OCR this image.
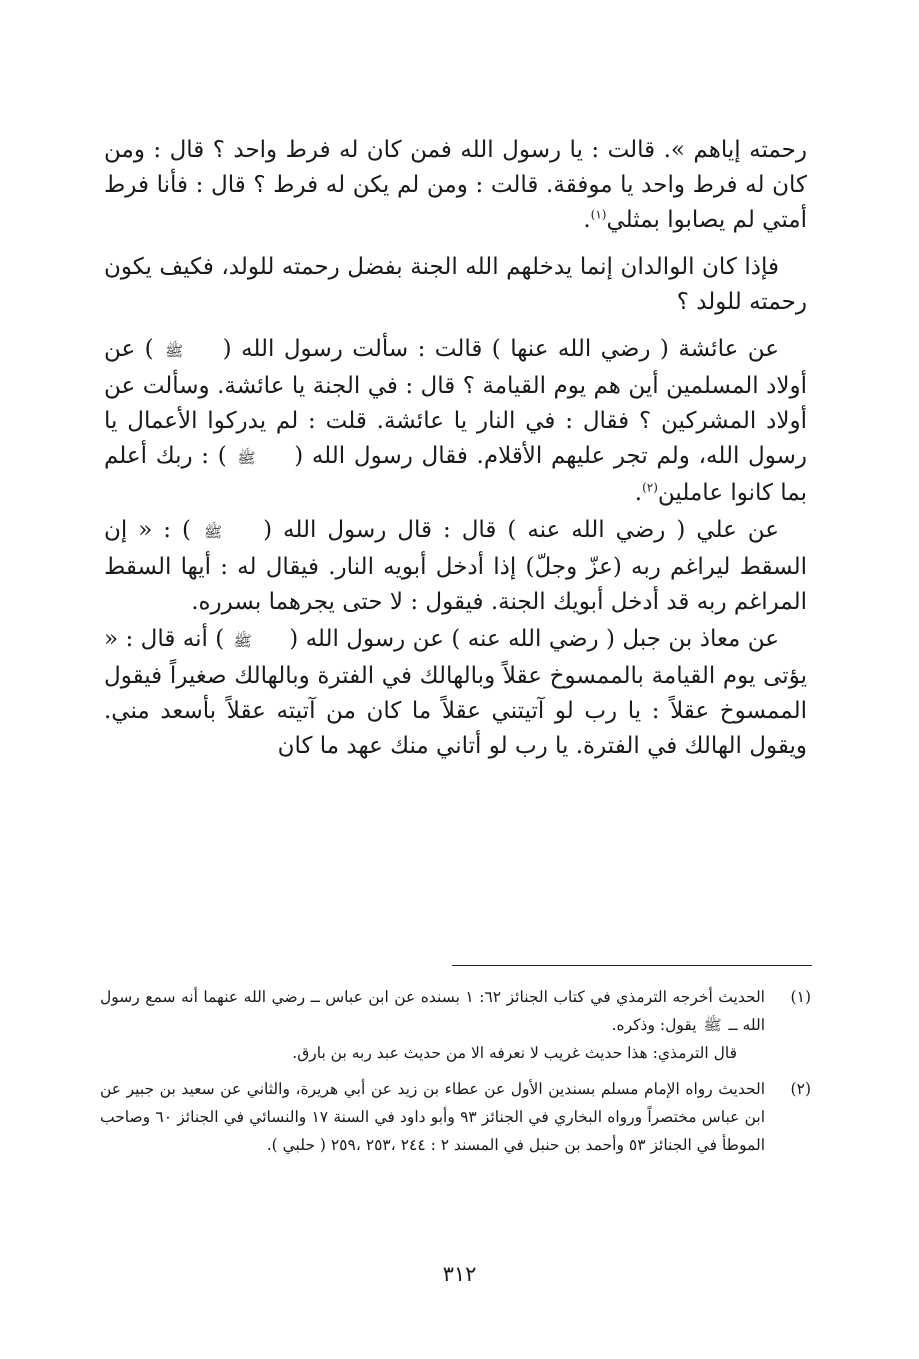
رحمته إياهم ». قالت : يا رسول الله فمن كان له فرط واحد ؟ قال : ومن كان له فرط واحد يا موفقة. قالت : ومن لم يكن له فرط ؟ قال : فأنا فرط أمتي لم يصابوا بمثلي$^{(١)}$.

فإذا كان الوالدان إنما يدخلهم الله الجنة بفضل رحمته للولد، فكيف يكون رحمته للولد ؟

عن عائشة ( رضي الله عنها ) قالت : سألت رسول الله ( ﷺ ) عن أولاد المسلمين أين هم يوم القيامة ؟ قال : في الجنة يا عائشة. وسألت عن أولاد المشركين ؟ فقال : في النار يا عائشة. قلت : لم يدركوا الأعمال يا رسول الله، ولم تجر عليهم الأقلام. فقال رسول الله ( ﷺ ) : ربك أعلم بما كانوا عاملين$^{(٢)}$.

عن علي ( رضي الله عنه ) قال : قال رسول الله ( ﷺ ) : « إن السقط ليراغم ربه (عزّ وجلّ) إذا أدخل أبويه النار. فيقال له : أيها السقط المراغم ربه قد أدخل أبويك الجنة. فيقول : لا حتى يجرهما بسرره.

عن معاذ بن جبل ( رضي الله عنه ) عن رسول الله ( ﷺ ) أنه قال : « يؤتى يوم القيامة بالممسوخ عقلاً وبالهالك في الفترة وبالهالك صغيراً فيقول الممسوخ عقلاً : يا رب لو آتيتني عقلاً ما كان من آتيته عقلاً بأسعد مني. ويقول الهالك في الفترة. يا رب لو أتاني منك عهد ما كان

(١)
الحديث أخرجه الترمذي في كتاب الجنائز ٦٢: ١ بسنده عن ابن عباس ــ رضي الله عنهما أنه سمع رسول الله ــ ﷺ يقول: وذكره.
قال الترمذي: هذا حديث غريب لا نعرفه الا من حديث عبد ربه بن بارق.
(٢)
الحديث رواه الإمام مسلم بسندين الأول عن عطاء بن زيد عن أبي هريرة، والثاني عن سعيد بن جبير عن ابن عباس مختصراً ورواه البخاري في الجنائز ٩٣ وأبو داود في السنة ١٧ والنسائي في الجنائز ٦٠ وصاحب الموطأ في الجنائز ٥٣ وأحمد بن حنبل في المسند ٢ : ٢٤٤ ،٢٥٣ ،٢٥٩ ( حلبي ).
٣١٢
